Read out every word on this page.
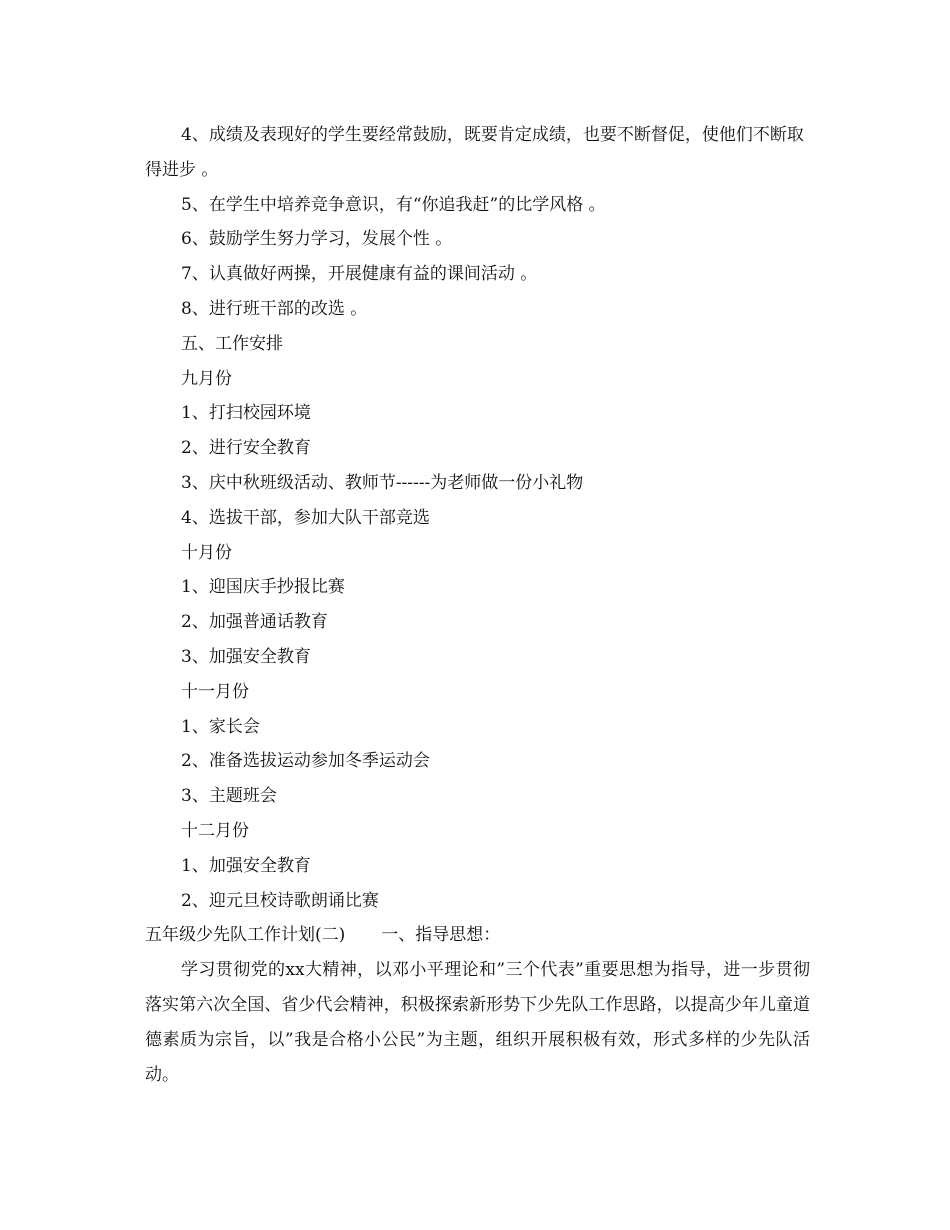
4、成绩及表现好的学生要经常鼓励，既要肯定成绩，也要不断督促，使他们不断取得进步 。
5、在学生中培养竞争意识，有“你追我赶”的比学风格 。
6、鼓励学生努力学习，发展个性 。
7、认真做好两操，开展健康有益的课间活动 。
8、进行班干部的改选 。
五、工作安排
九月份
1、打扫校园环境
2、进行安全教育
3、庆中秋班级活动、教师节------为老师做一份小礼物
4、选拔干部，参加大队干部竞选
十月份
1、迎国庆手抄报比赛
2、加强普通话教育
3、加强安全教育
十一月份
1、家长会
2、准备选拔运动参加冬季运动会
3、主题班会
十二月份
1、加强安全教育
2、迎元旦校诗歌朗诵比赛
五年级少先队工作计划(二) 一、指导思想：
学习贯彻党的xx大精神，以邓小平理论和”三个代表”重要思想为指导，进一步贯彻落实第六次全国、省少代会精神，积极探索新形势下少先队工作思路，以提高少年儿童道德素质为宗旨，以”我是合格小公民”为主题，组织开展积极有效，形式多样的少先队活动。
